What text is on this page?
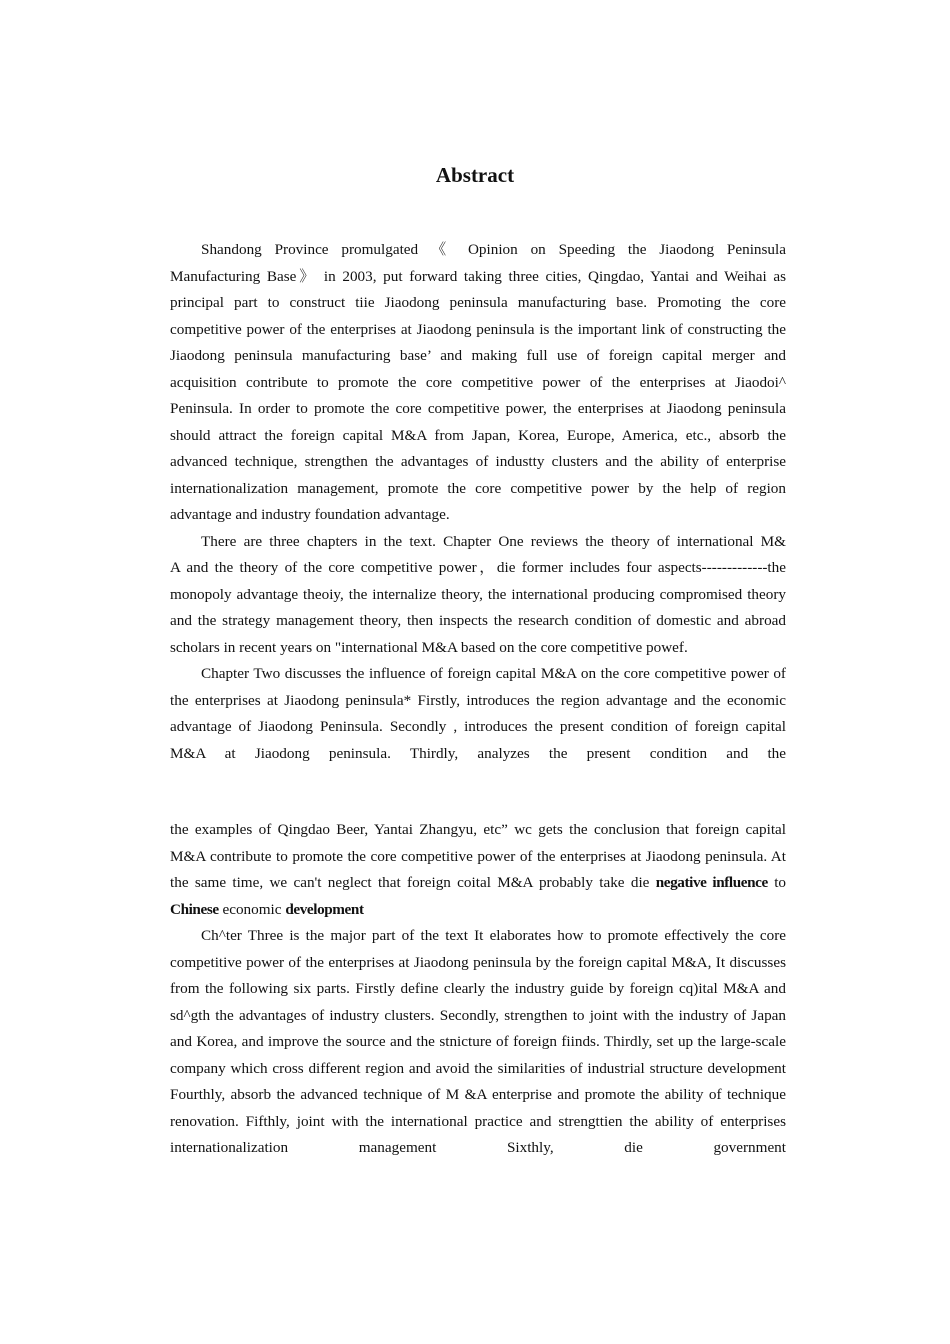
Abstract

Shandong Province promulgated 《 Opinion on Speeding the Jiaodong Peninsula Manufacturing Base》 in 2003, put forward taking three cities, Qingdao, Yantai and Weihai as principal part to construct tiie Jiaodong peninsula manufacturing base. Promoting the core competitive power of the enterprises at Jiaodong peninsula is the important link of constructing the Jiaodong peninsula manufacturing base’ and making full use of foreign capital merger and acquisition contribute to promote the core competitive power of the enterprises at Jiaodoi^ Peninsula. In order to promote the core competitive power, the enterprises at Jiaodong peninsula should attract the foreign capital M&A from Japan, Korea, Europe, America, etc., absorb the advanced technique, strengthen the advantages of industty clusters and the ability of enterprise internationalization management, promote the core competitive power by the help of region advantage and industry foundation advantage.

There are three chapters in the text. Chapter One reviews the theory of international M&

A and the theory of the core competitive power，die former includes four aspects-------------the monopoly advantage theoiy, the internalize theory, the international producing compromised theory and the strategy management theory, then inspects the research condition of domestic and abroad scholars in recent years on "international M&A based on the core competitive powef.

Chapter Two discusses the influence of foreign capital M&A on the core competitive power of the enterprises at Jiaodong peninsula* Firstly, introduces the region advantage and the economic advantage of Jiaodong Peninsula. Secondly , introduces the present condition of foreign capital M&A at Jiaodong peninsula. Thirdly, analyzes the present condition and the

the examples of Qingdao Beer, Yantai Zhangyu, etc” wc gets the conclusion that foreign capital M&A contribute to promote the core competitive power of the enterprises at Jiaodong peninsula. At the same time, we can't neglect that foreign coital M&A probably take die negative influence to Chinese economic development

Ch^ter Three is the major part of the text It elaborates how to promote effectively the core competitive power of the enterprises at Jiaodong peninsula by the foreign capital M&A, It discusses from the following six parts. Firstly define clearly the industry guide by foreign cq)ital M&A and sd^gth the advantages of industry clusters. Secondly, strengthen to joint with the industry of Japan and Korea, and improve the source and the stnicture of foreign fiinds. Thirdly, set up the large-scale company which cross different region and avoid the similarities of industrial structure development Fourthly, absorb the advanced technique of M &A enterprise and promote the ability of technique renovation. Fifthly, joint with the international practice and strengttien the ability of enterprises internationalization management Sixthly, die government
